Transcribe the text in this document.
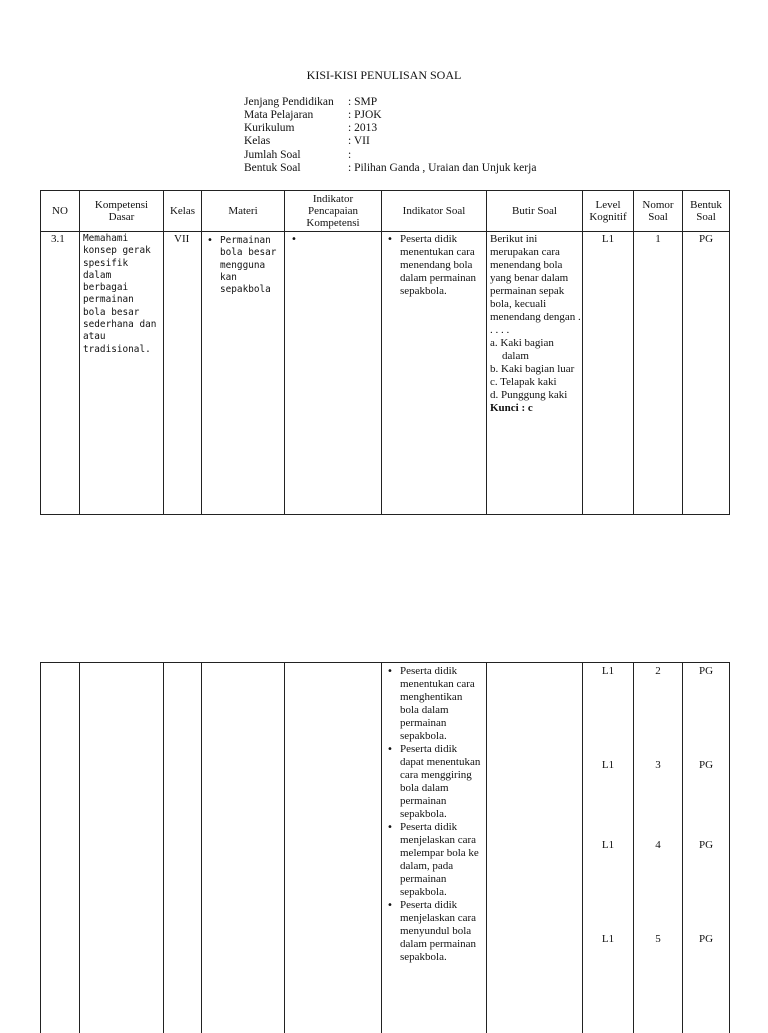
KISI-KISI PENULISAN SOAL
Jenjang Pendidikan : SMP
Mata Pelajaran	: PJOK
Kurikulum	: 2013
Kelas	: VII
Jumlah Soal	:
Bentuk Soal	: Pilihan Ganda , Uraian dan Unjuk kerja
NO	Kompetensi Dasar	Kelas	Materi
Indikator Pencapaian Kompetensi
Indikator Soal	Butir Soal	Level Kognitif
Nomor Soal
Bentuk Soal
3.1 Memahami konsep gerak spesifik dalam berbagai permainan bola besar sederhana dan atau tradisional.
VII
•	Permainan bola besar mengguna kan sepakbola
• Peserta didik menentukan cara menendang bola dalam permainan sepakbola.
Berikut ini merupakan cara menendang bola yang benar dalam permainan sepak bola, kecuali menendang dengan . . . . .
a. Kaki bagian dalam
b. Kaki bagian luar
c. Telapak kaki
d. Punggung kaki
Kunci : c
L1	1	PG
• Peserta didik menentukan cara menghentikan bola dalam permainan sepakbola.
• Peserta didik dapat menentukan cara menggiring bola dalam permainan sepakbola.
• Peserta didik menjelaskan cara melempar bola ke dalam, pada permainan sepakbola.
• Peserta didik menjelaskan cara menyundul bola dalam permainan sepakbola.
L1	2	PG
L1	3	PG
L1	4	PG
L1	5	PG
